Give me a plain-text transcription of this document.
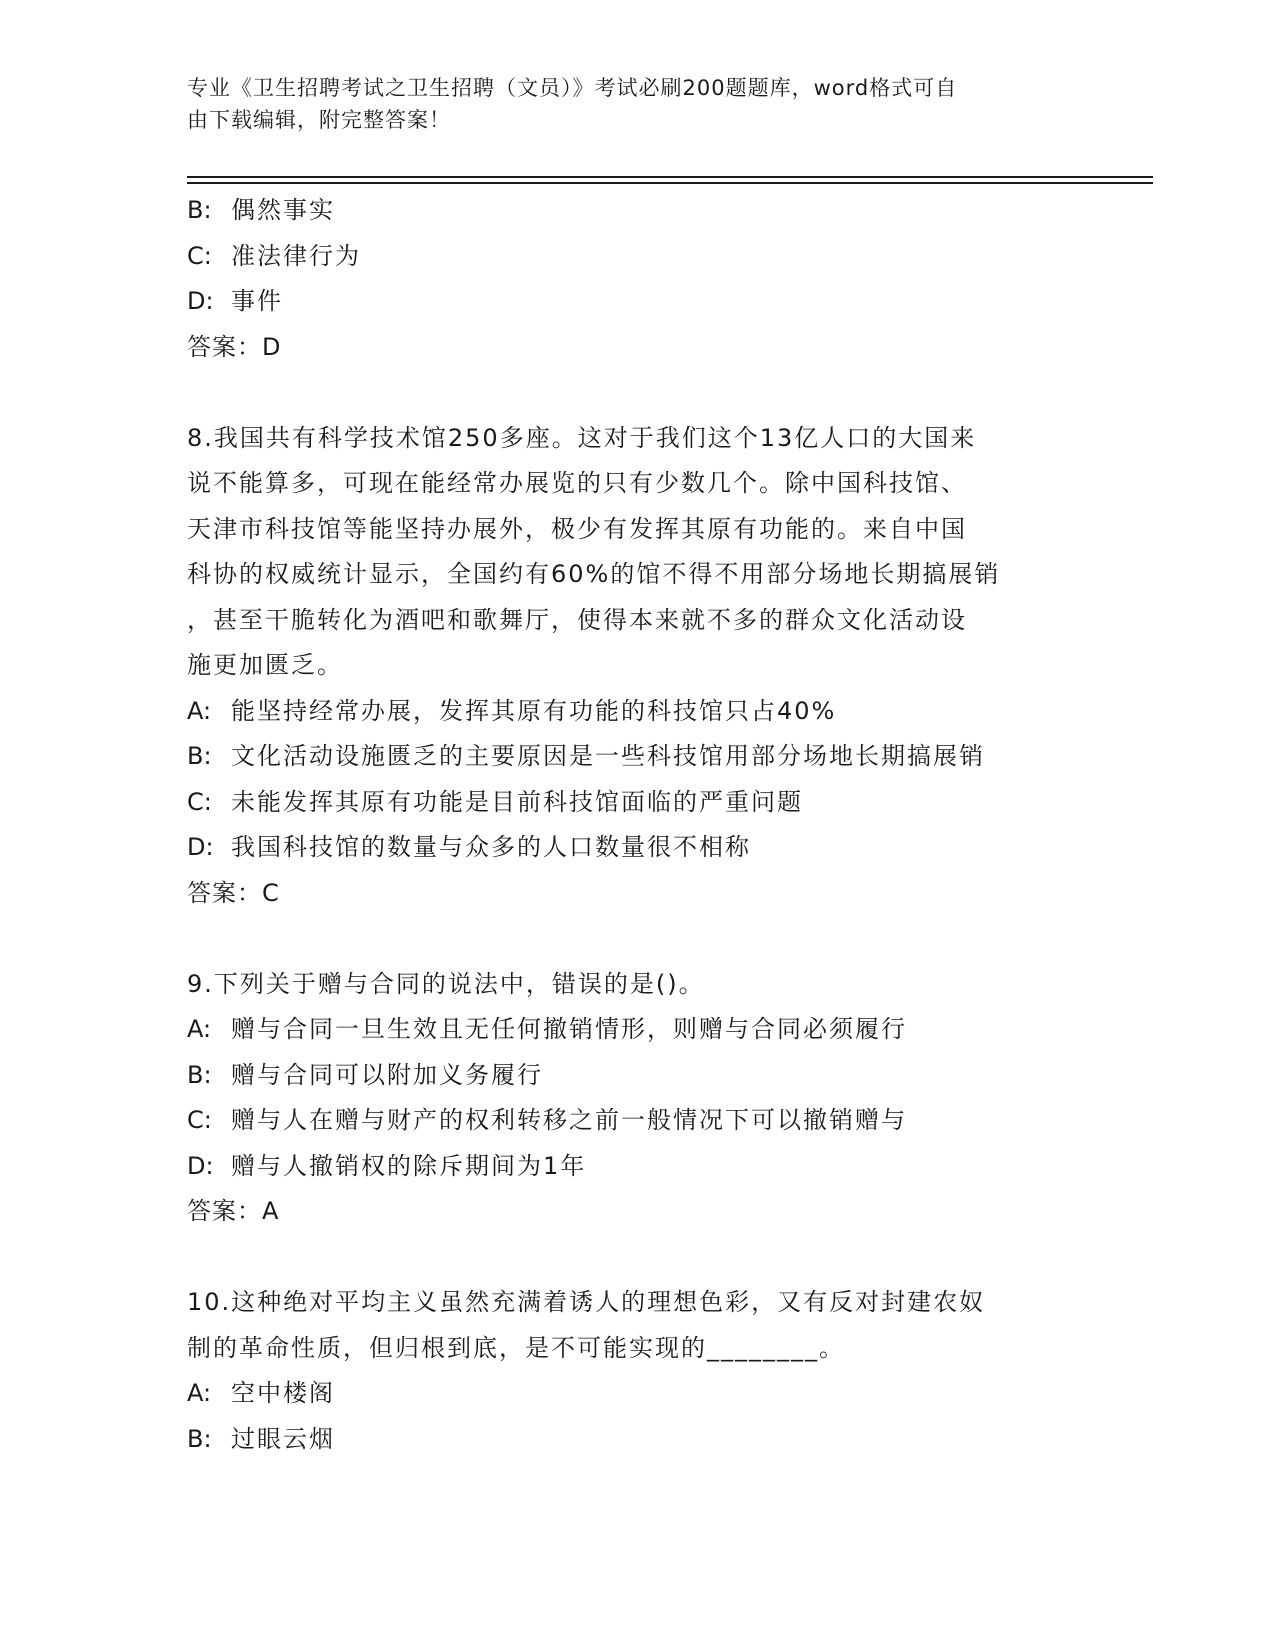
专业《卫生招聘考试之卫生招聘（文员）》考试必刷200题题库，word格式可自
由下载编辑，附完整答案！
B: 偶然事实
C: 准法律行为
D: 事件
答案：D
8.我国共有科学技术馆250多座。这对于我们这个13亿人口的大国来
说不能算多，可现在能经常办展览的只有少数几个。除中国科技馆、
天津市科技馆等能坚持办展外，极少有发挥其原有功能的。来自中国
科协的权威统计显示，全国约有60%的馆不得不用部分场地长期搞展销
，甚至干脆转化为酒吧和歌舞厅，使得本来就不多的群众文化活动设
施更加匮乏。
A: 能坚持经常办展，发挥其原有功能的科技馆只占40%
B: 文化活动设施匮乏的主要原因是一些科技馆用部分场地长期搞展销
C: 未能发挥其原有功能是目前科技馆面临的严重问题
D: 我国科技馆的数量与众多的人口数量很不相称
答案：C
9.下列关于赠与合同的说法中，错误的是()。
A: 赠与合同一旦生效且无任何撤销情形，则赠与合同必须履行
B: 赠与合同可以附加义务履行
C: 赠与人在赠与财产的权利转移之前一般情况下可以撤销赠与
D: 赠与人撤销权的除斥期间为1年
答案：A
10.这种绝对平均主义虽然充满着诱人的理想色彩，又有反对封建农奴
制的革命性质，但归根到底，是不可能实现的________。
A: 空中楼阁
B: 过眼云烟
